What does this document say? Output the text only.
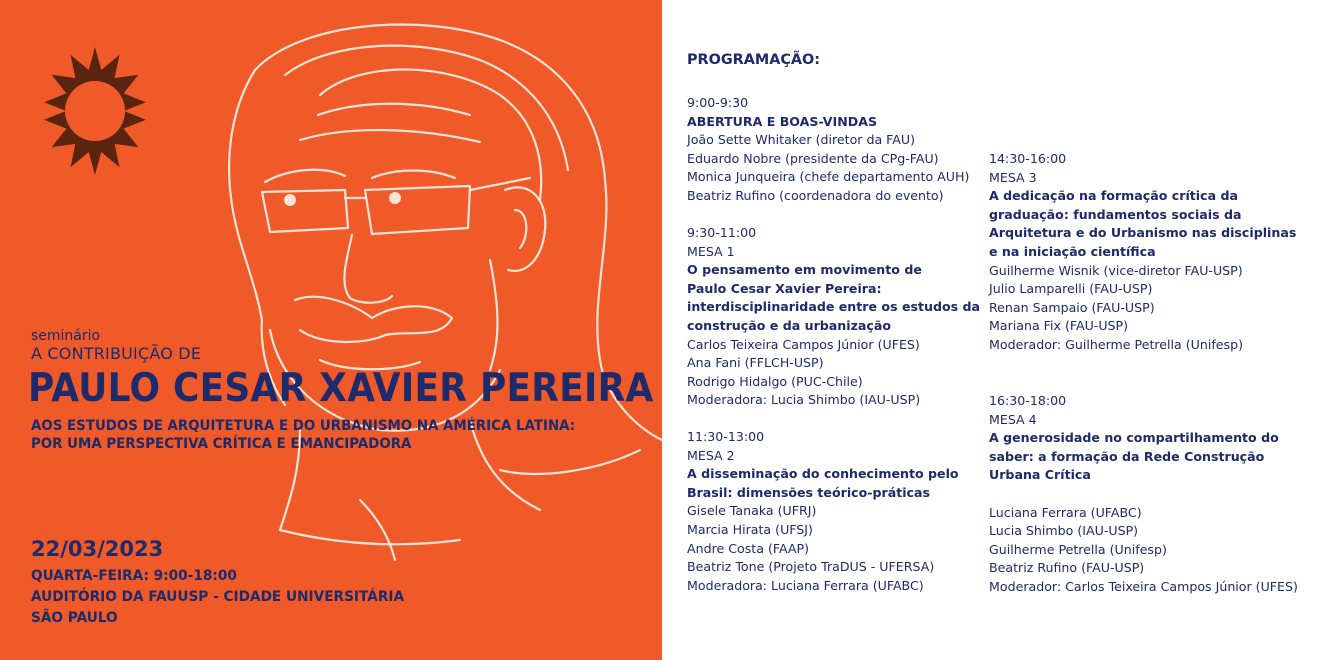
seminário
A CONTRIBUIÇÃO DE
PAULO CESAR XAVIER PEREIRA
AOS ESTUDOS DE ARQUITETURA E DO URBANISMO NA AMÉRICA LATINA:
POR UMA PERSPECTIVA CRÍTICA E EMANCIPADORA
22/03/2023
QUARTA-FEIRA: 9:00-18:00
AUDITÓRIO DA FAUUSP - CIDADE UNIVERSITÁRIA
SÃO PAULO
PROGRAMAÇÃO:
9:00-9:30
ABERTURA E BOAS-VINDAS
João Sette Whitaker (diretor da FAU)
Eduardo Nobre (presidente da CPg-FAU)
Monica Junqueira (chefe departamento AUH)
Beatriz Rufino (coordenadora do evento)
9:30-11:00
MESA 1
O pensamento em movimento de
Paulo Cesar Xavier Pereira:
interdisciplinaridade entre os estudos da
construção e da urbanização
Carlos Teixeira Campos Júnior (UFES)
Ana Fani (FFLCH-USP)
Rodrigo Hidalgo (PUC-Chile)
Moderadora: Lucia Shimbo (IAU-USP)
11:30-13:00
MESA 2
A disseminação do conhecimento pelo
Brasil: dimensões teórico-práticas
Gisele Tanaka (UFRJ)
Marcia Hirata (UFSJ)
Andre Costa (FAAP)
Beatriz Tone (Projeto TraDUS - UFERSA)
Moderadora: Luciana Ferrara (UFABC)
14:30-16:00
MESA 3
A dedicação na formação crítica da
graduação: fundamentos sociais da
Arquitetura e do Urbanismo nas disciplinas
e na iniciação científica
Guilherme Wisnik (vice-diretor FAU-USP)
Julio Lamparelli (FAU-USP)
Renan Sampaio (FAU-USP)
Mariana Fix (FAU-USP)
Moderador: Guilherme Petrella (Unifesp)
16:30-18:00
MESA 4
A generosidade no compartilhamento do
saber: a formação da Rede Construção
Urbana Crítica

Luciana Ferrara (UFABC)
Lucia Shimbo (IAU-USP)
Guilherme Petrella (Unifesp)
Beatriz Rufino (FAU-USP)
Moderador: Carlos Teixeira Campos Júnior (UFES)
